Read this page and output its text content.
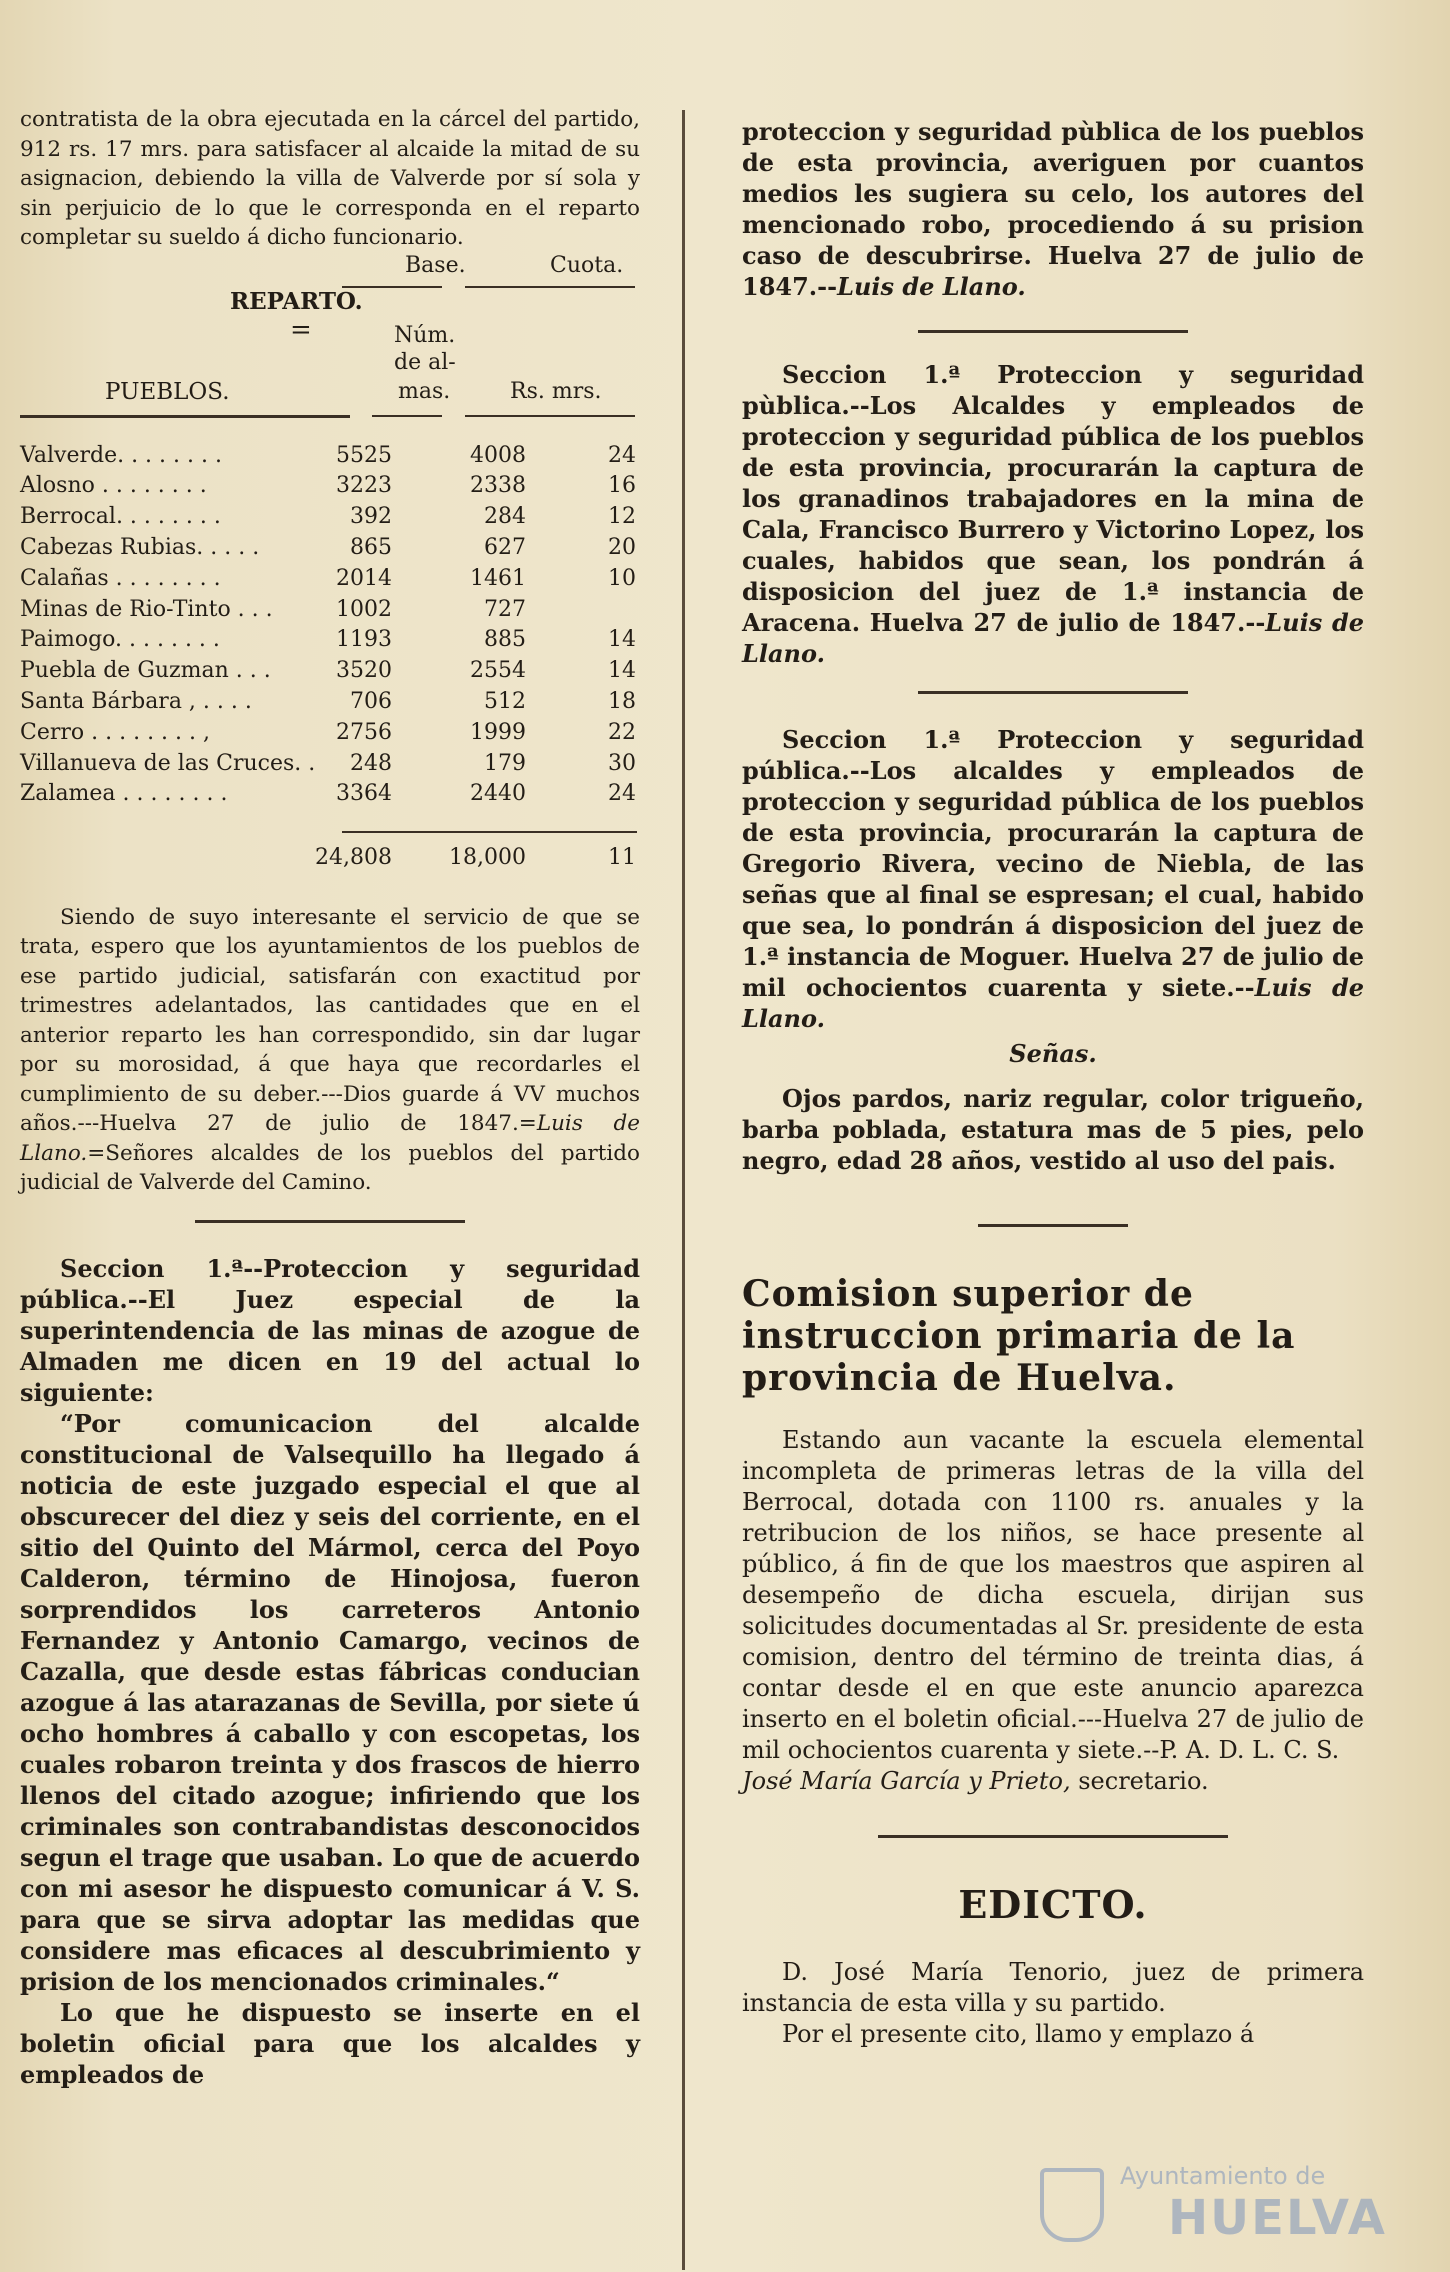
contratista de la obra ejecutada en la cárcel del partido, 912 rs. 17 mrs. para satisfacer al alcaide la mitad de su asignacion, debiendo la villa de Valverde por sí sola y sin perjuicio de lo que le corresponda en el reparto completar su sueldo á dicho funcionario.

Base.	Cuota.
REPARTO.
=	Núm.
de al-
mas.
PUEBLOS.	Rs. mrs.
Valverde. . . . . . . .	5525	4008	24
Alosno . . . . . . . .	3223	2338	16
Berrocal. . . . . . . .	392	284	12
Cabezas Rubias. . . . .	865	627	20
Calañas . . . . . . . .	2014	1461	10
Minas de Rio-Tinto . . .	1002	727
Paimogo. . . . . . . .	1193	885	14
Puebla de Guzman . . .	3520	2554	14
Santa Bárbara , . . . .	706	512	18
Cerro . . . . . . . . ,	2756	1999	22
Villanueva de las Cruces. . 248	179	30
Zalamea . . . . . . . .	3364	2440	24
24,808	18,000	11

Siendo de suyo interesante el servicio de que se trata, espero que los ayuntamientos de los pueblos de ese partido judicial, satisfarán con exactitud por trimestres adelantados, las cantidades que en el anterior reparto les han correspondido, sin dar lugar por su morosidad, á que haya que recordarles el cumplimiento de su deber.---Dios guarde á VV muchos años.---Huelva 27 de julio de 1847.=Luis de Llano.=Señores alcaldes de los pueblos del partido judicial de Valverde del Camino.

Seccion 1.ª--Proteccion y seguridad pública.--El Juez especial de la superintendencia de las minas de azogue de Almaden me dicen en 19 del actual lo siguiente:

“Por comunicacion del alcalde constitucional de Valsequillo ha llegado á noticia de este juzgado especial el que al obscurecer del diez y seis del corriente, en el sitio del Quinto del Mármol, cerca del Poyo Calderon, término de Hinojosa, fueron sorprendidos los carreteros Antonio Fernandez y Antonio Camargo, vecinos de Cazalla, que desde estas fábricas conducian azogue á las atarazanas de Sevilla, por siete ú ocho hombres á caballo y con escopetas, los cuales robaron treinta y dos frascos de hierro llenos del citado azogue; infiriendo que los criminales son contrabandistas desconocidos segun el trage que usaban. Lo que de acuerdo con mi asesor he dispuesto comunicar á V. S. para que se sirva adoptar las medidas que considere mas eficaces al descubrimiento y prision de los mencionados criminales.“

Lo que he dispuesto se inserte en el boletin oficial para que los alcaldes y empleados de

proteccion y seguridad pùblica de los pueblos de esta provincia, averiguen por cuantos medios les sugiera su celo, los autores del mencionado robo, procediendo á su prision caso de descubrirse. Huelva 27 de julio de 1847.--Luis de Llano.

Seccion 1.ª Proteccion y seguridad pùblica.--Los Alcaldes y empleados de proteccion y seguridad pública de los pueblos de esta provincia, procurarán la captura de los granadinos trabajadores en la mina de Cala, Francisco Burrero y Victorino Lopez, los cuales, habidos que sean, los pondrán á disposicion del juez de 1.ª instancia de Aracena. Huelva 27 de julio de 1847.--Luis de Llano.

Seccion 1.ª Proteccion y seguridad pública.--Los alcaldes y empleados de proteccion y seguridad pública de los pueblos de esta provincia, procurarán la captura de Gregorio Rivera, vecino de Niebla, de las señas que al final se espresan; el cual, habido que sea, lo pondrán á disposicion del juez de 1.ª instancia de Moguer. Huelva 27 de julio de mil ochocientos cuarenta y siete.--Luis de Llano.

Señas.

Ojos pardos, nariz regular, color trigueño, barba poblada, estatura mas de 5 pies, pelo negro, edad 28 años, vestido al uso del pais.

Comision superior de instruccion primaria de la provincia de Huelva.

Estando aun vacante la escuela elemental incompleta de primeras letras de la villa del Berrocal, dotada con 1100 rs. anuales y la retribucion de los niños, se hace presente al público, á fin de que los maestros que aspiren al desempeño de dicha escuela, dirijan sus solicitudes documentadas al Sr. presidente de esta comision, dentro del término de treinta dias, á contar desde el en que este anuncio aparezca inserto en el boletin oficial.---Huelva 27 de julio de mil ochocientos cuarenta y siete.--P. A. D. L. C. S.
José María García y Prieto, secretario.

EDICTO.

D. José María Tenorio, juez de primera instancia de esta villa y su partido.

Por el presente cito, llamo y emplazo á

Ayuntamiento de
HUELVA
